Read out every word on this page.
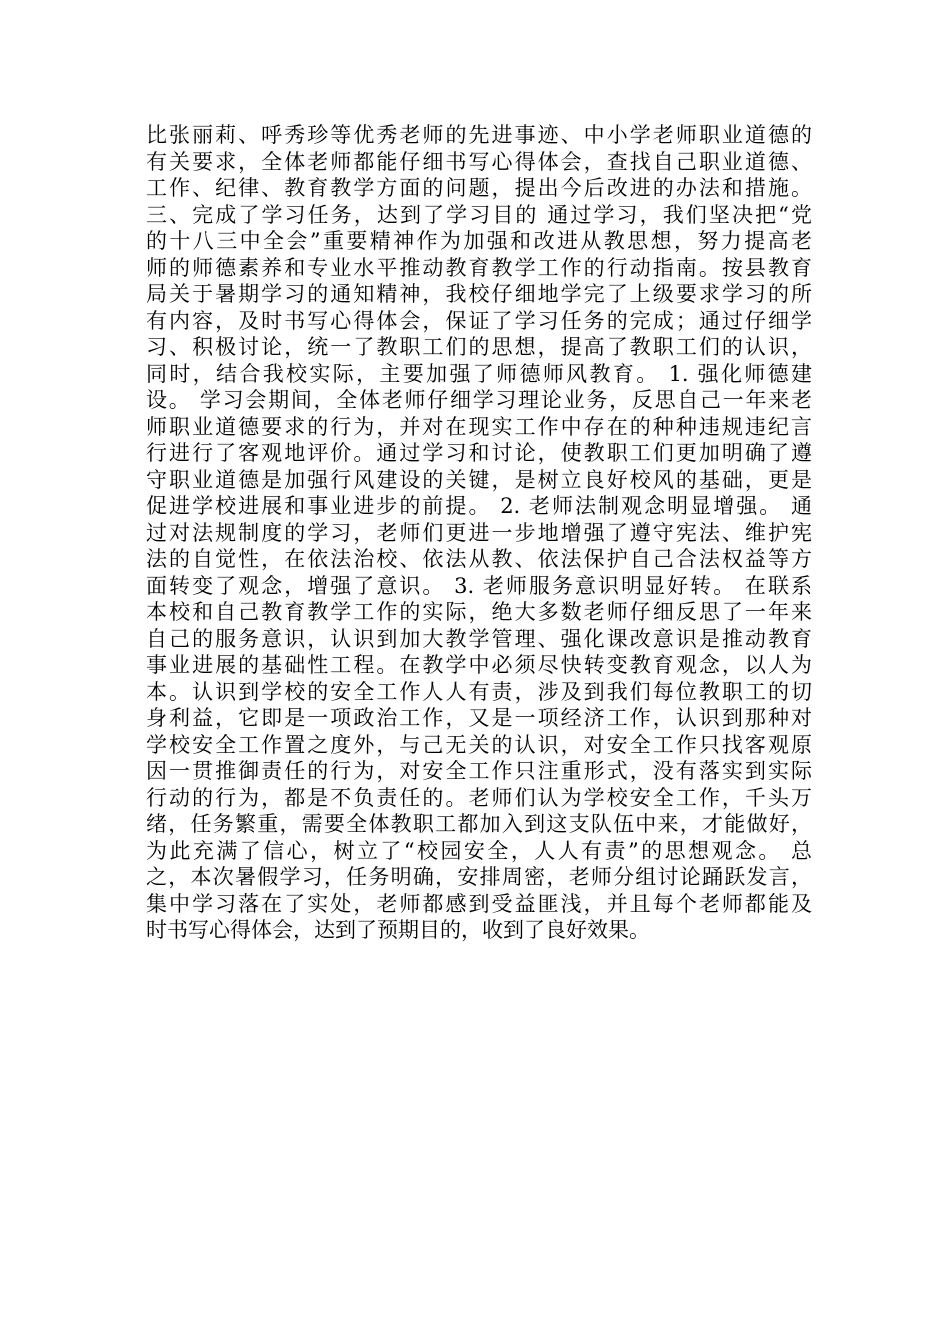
比张丽莉、呼秀珍等优秀老师的先进事迹、中小学老师职业道德的
有关要求，全体老师都能仔细书写心得体会，查找自己职业道德、
工作、纪律、教育教学方面的问题，提出今后改进的办法和措施。
三、完成了学习任务，达到了学习目的 通过学习，我们坚决把“党
的十八三中全会”重要精神作为加强和改进从教思想，努力提高老
师的师德素养和专业水平推动教育教学工作的行动指南。按县教育
局关于暑期学习的通知精神，我校仔细地学完了上级要求学习的所
有内容，及时书写心得体会，保证了学习任务的完成；通过仔细学
习、积极讨论，统一了教职工们的思想，提高了教职工们的认识，
同时，结合我校实际，主要加强了师德师风教育。 1. 强化师德建
设。 学习会期间，全体老师仔细学习理论业务，反思自己一年来老
师职业道德要求的行为，并对在现实工作中存在的种种违规违纪言
行进行了客观地评价。通过学习和讨论，使教职工们更加明确了遵
守职业道德是加强行风建设的关键，是树立良好校风的基础，更是
促进学校进展和事业进步的前提。 2. 老师法制观念明显增强。 通
过对法规制度的学习，老师们更进一步地增强了遵守宪法、维护宪
法的自觉性，在依法治校、依法从教、依法保护自己合法权益等方
面转变了观念，增强了意识。 3. 老师服务意识明显好转。 在联系
本校和自己教育教学工作的实际，绝大多数老师仔细反思了一年来
自己的服务意识，认识到加大教学管理、强化课改意识是推动教育
事业进展的基础性工程。在教学中必须尽快转变教育观念，以人为
本。认识到学校的安全工作人人有责，涉及到我们每位教职工的切
身利益，它即是一项政治工作，又是一项经济工作，认识到那种对
学校安全工作置之度外，与己无关的认识，对安全工作只找客观原
因一贯推御责任的行为，对安全工作只注重形式，没有落实到实际
行动的行为，都是不负责任的。老师们认为学校安全工作，千头万
绪，任务繁重，需要全体教职工都加入到这支队伍中来，才能做好，
为此充满了信心，树立了“校园安全，人人有责”的思想观念。 总
之，本次暑假学习，任务明确，安排周密，老师分组讨论踊跃发言，
集中学习落在了实处，老师都感到受益匪浅，并且每个老师都能及
时书写心得体会，达到了预期目的，收到了良好效果。
